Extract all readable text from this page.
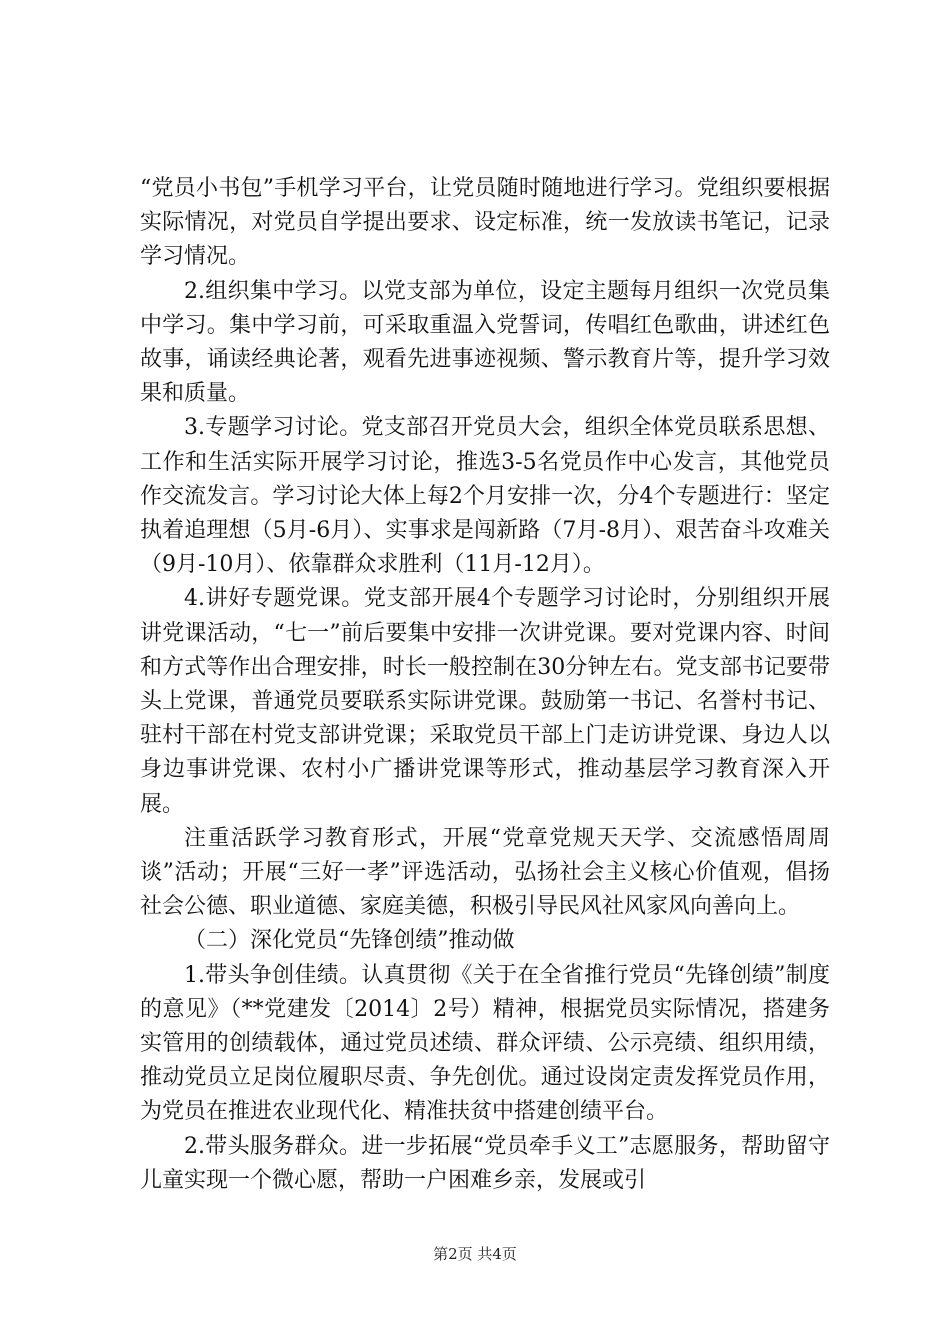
“党员小书包”手机学习平台，让党员随时随地进行学习。党组织要根据实际情况，对党员自学提出要求、设定标准，统一发放读书笔记，记录学习情况。

2.组织集中学习。以党支部为单位，设定主题每月组织一次党员集中学习。集中学习前，可采取重温入党誓词，传唱红色歌曲，讲述红色故事，诵读经典论著，观看先进事迹视频、警示教育片等，提升学习效果和质量。

3.专题学习讨论。党支部召开党员大会，组织全体党员联系思想、工作和生活实际开展学习讨论，推选3-5名党员作中心发言，其他党员作交流发言。学习讨论大体上每2个月安排一次，分4个专题进行：坚定执着追理想（5月-6月）、实事求是闯新路（7月-8月）、艰苦奋斗攻难关（9月-10月）、依靠群众求胜利（11月-12月）。

4.讲好专题党课。党支部开展4个专题学习讨论时，分别组织开展讲党课活动，“七一”前后要集中安排一次讲党课。要对党课内容、时间和方式等作出合理安排，时长一般控制在30分钟左右。党支部书记要带头上党课，普通党员要联系实际讲党课。鼓励第一书记、名誉村书记、驻村干部在村党支部讲党课；采取党员干部上门走访讲党课、身边人以身边事讲党课、农村小广播讲党课等形式，推动基层学习教育深入开展。

注重活跃学习教育形式，开展“党章党规天天学、交流感悟周周谈”活动；开展“三好一孝”评选活动，弘扬社会主义核心价值观，倡扬社会公德、职业道德、家庭美德，积极引导民风社风家风向善向上。

（二）深化党员“先锋创绩”推动做

1.带头争创佳绩。认真贯彻《关于在全省推行党员“先锋创绩”制度的意见》（**党建发〔2014〕2号）精神，根据党员实际情况，搭建务实管用的创绩载体，通过党员述绩、群众评绩、公示亮绩、组织用绩，推动党员立足岗位履职尽责、争先创优。通过设岗定责发挥党员作用，为党员在推进农业现代化、精准扶贫中搭建创绩平台。

2.带头服务群众。进一步拓展“党员牵手义工”志愿服务，帮助留守儿童实现一个微心愿，帮助一户困难乡亲，发展或引

第2页 共4页
